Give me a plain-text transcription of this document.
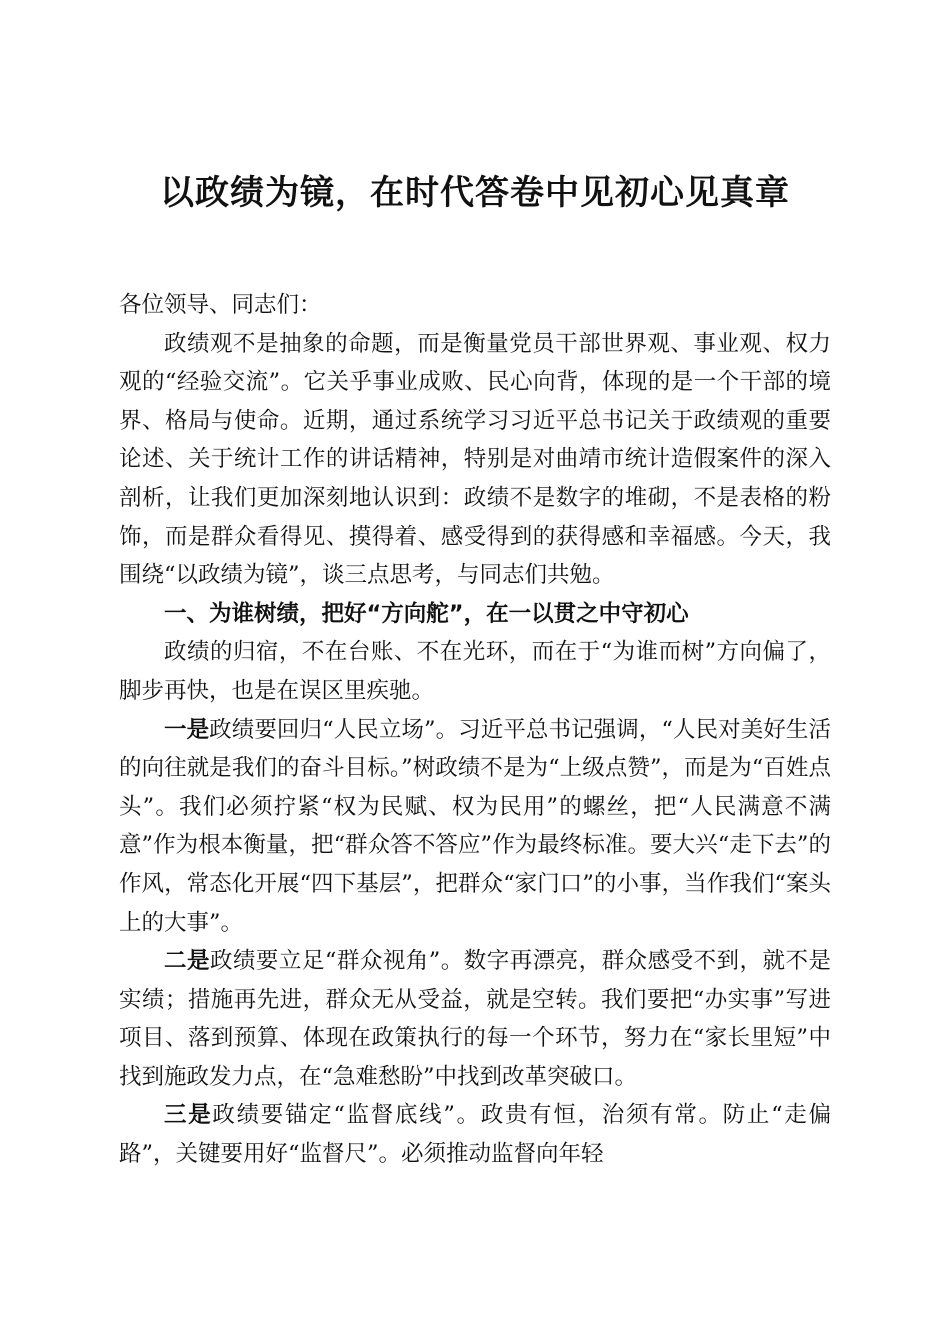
以政绩为镜，在时代答卷中见初心见真章

各位领导、同志们：

政绩观不是抽象的命题，而是衡量党员干部世界观、事业观、权力观的“经验交流”。它关乎事业成败、民心向背，体现的是一个干部的境界、格局与使命。近期，通过系统学习习近平总书记关于政绩观的重要论述、关于统计工作的讲话精神，特别是对曲靖市统计造假案件的深入剖析，让我们更加深刻地认识到：政绩不是数字的堆砌，不是表格的粉饰，而是群众看得见、摸得着、感受得到的获得感和幸福感。今天，我围绕“以政绩为镜”，谈三点思考，与同志们共勉。

一、为谁树绩，把好“方向舵”，在一以贯之中守初心

政绩的归宿，不在台账、不在光环，而在于“为谁而树”方向偏了，脚步再快，也是在误区里疾驰。

一是政绩要回归“人民立场”。习近平总书记强调，“人民对美好生活的向往就是我们的奋斗目标。”树政绩不是为“上级点赞”，而是为“百姓点头”。我们必须拧紧“权为民赋、权为民用”的螺丝，把“人民满意不满意”作为根本衡量，把“群众答不答应”作为最终标准。要大兴“走下去”的作风，常态化开展“四下基层”，把群众“家门口”的小事，当作我们“案头上的大事”。

二是政绩要立足“群众视角”。数字再漂亮，群众感受不到，就不是实绩；措施再先进，群众无从受益，就是空转。我们要把“办实事”写进项目、落到预算、体现在政策执行的每一个环节，努力在“家长里短”中找到施政发力点，在“急难愁盼”中找到改革突破口。

三是政绩要锚定“监督底线”。政贵有恒，治须有常。防止“走偏路”，关键要用好“监督尺”。必须推动监督向年轻
